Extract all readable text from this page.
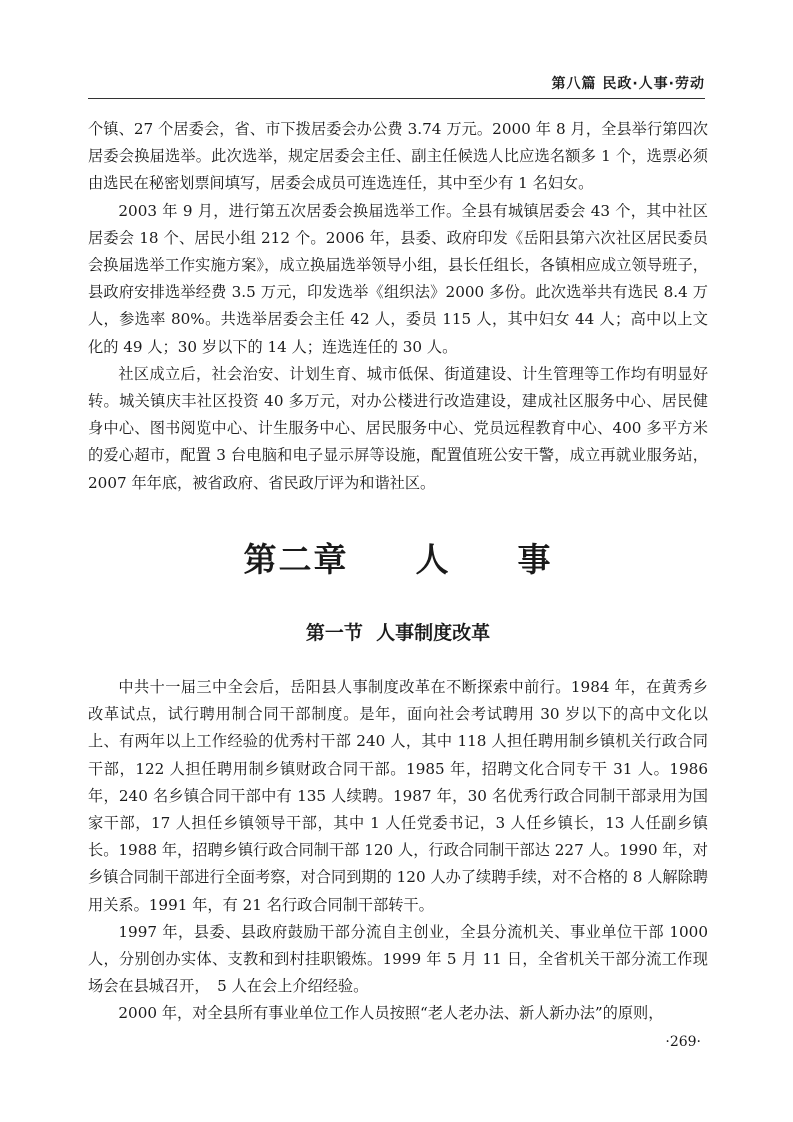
第八篇 民政·人事·劳动

个镇、27 个居委会，省、市下拨居委会办公费 3.74 万元。2000 年 8 月，全县举行第四次居委会换届选举。此次选举，规定居委会主任、副主任候选人比应选名额多 1 个，选票必须由选民在秘密划票间填写，居委会成员可连选连任，其中至少有 1 名妇女。

2003 年 9 月，进行第五次居委会换届选举工作。全县有城镇居委会 43 个，其中社区居委会 18 个、居民小组 212 个。2006 年，县委、政府印发《岳阳县第六次社区居民委员会换届选举工作实施方案》，成立换届选举领导小组，县长任组长，各镇相应成立领导班子，县政府安排选举经费 3.5 万元，印发选举《组织法》2000 多份。此次选举共有选民 8.4 万人，参选率 80%。共选举居委会主任 42 人，委员 115 人，其中妇女 44 人；高中以上文化的 49 人；30 岁以下的 14 人；连选连任的 30 人。

社区成立后，社会治安、计划生育、城市低保、街道建设、计生管理等工作均有明显好转。城关镇庆丰社区投资 40 多万元，对办公楼进行改造建设，建成社区服务中心、居民健身中心、图书阅览中心、计生服务中心、居民服务中心、党员远程教育中心、400 多平方米的爱心超市，配置 3 台电脑和电子显示屏等设施，配置值班公安干警，成立再就业服务站，2007 年年底，被省政府、省民政厅评为和谐社区。

第二章  人  事
第一节  人事制度改革

中共十一届三中全会后，岳阳县人事制度改革在不断探索中前行。1984 年，在黄秀乡改革试点，试行聘用制合同干部制度。是年，面向社会考试聘用 30 岁以下的高中文化以上、有两年以上工作经验的优秀村干部 240 人，其中 118 人担任聘用制乡镇机关行政合同干部，122 人担任聘用制乡镇财政合同干部。1985 年，招聘文化合同专干 31 人。1986 年，240 名乡镇合同干部中有 135 人续聘。1987 年，30 名优秀行政合同制干部录用为国家干部，17 人担任乡镇领导干部，其中 1 人任党委书记，3 人任乡镇长，13 人任副乡镇长。1988 年，招聘乡镇行政合同制干部 120 人，行政合同制干部达 227 人。1990 年，对乡镇合同制干部进行全面考察，对合同到期的 120 人办了续聘手续，对不合格的 8 人解除聘用关系。1991 年，有 21 名行政合同制干部转干。

1997 年，县委、县政府鼓励干部分流自主创业，全县分流机关、事业单位干部 1000 人，分别创办实体、支教和到村挂职锻炼。1999 年 5 月 11 日，全省机关干部分流工作现场会在县城召开，　5 人在会上介绍经验。

2000 年，对全县所有事业单位工作人员按照“老人老办法、新人新办法”的原则，

·269·
